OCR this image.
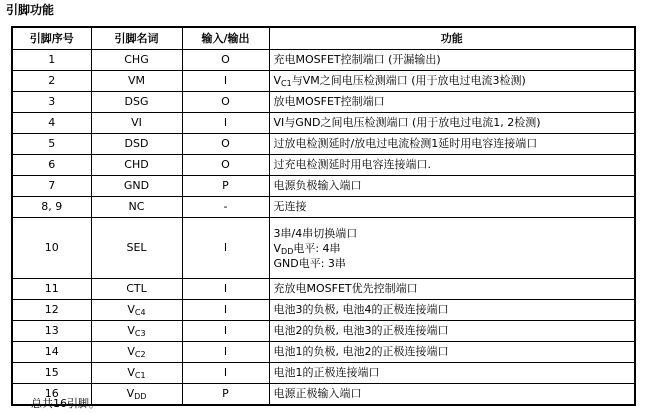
引脚功能
引脚序号	引脚名词	输入/输出	功能
1	CHG	O	充电MOSFET控制端口 (开漏输出)
2	VM	I	$V_{C1}$与VM之间电压检测端口 (用于放电过电流3检测)
3	DSG	O	放电MOSFET控制端口
4	VI	I	VI与GND之间电压检测端口 (用于放电过电流1, 2检测)
5	DSD	O	过放电检测延时/放电过电流检测1延时用电容连接端口
6	CHD	O	过充电检测延时用电容连接端口.
7	GND	P	电源负极输入端口
8, 9	NC	-	无连接
10	SEL	I	3串/4串切换端口
$V_{DD}$电平: 4串
GND电平: 3串

11	CTL	I	充放电MOSFET优先控制端口
12	$V_{C4}$	I	电池3的负极, 电池4的正极连接端口
13	$V_{C3}$	I	电池2的负极, 电池3的正极连接端口
14	$V_{C2}$	I	电池1的负极, 电池2的正极连接端口
15	$V_{C1}$	I	电池1的正极连接端口
16	$V_{DD}$	P	电源正极输入端口
总共16引脚。
